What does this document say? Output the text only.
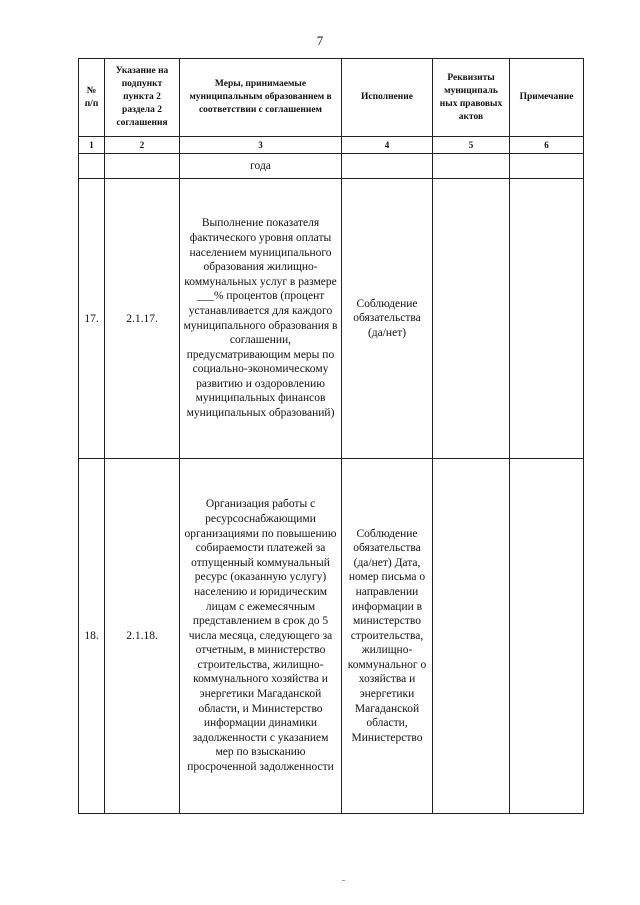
7
№ п/п	Указание на подпункт пункта 2 раздела 2 соглашения	Меры, принимаемые муниципальным образованием в соответствии с соглашением	Исполнение	Реквизиты муниципаль ных правовых актов	Примечание
1	2	3	4	5	6
		года			
17.	2.1.17.	Выполнение показателя фактического уровня оплаты населением муниципального образования жилищно-коммунальных услуг в размере ___% процентов (процент устанавливается для каждого муниципального образования в соглашении, предусматривающим меры по социально-экономическому развитию и оздоровлению муниципальных финансов муниципальных образований)	Соблюдение обязательства (да/нет)		
18.	2.1.18.	Организация работы с ресурсоснабжающими организациями по повышению собираемости платежей за отпущенный коммунальный ресурс (оказанную услугу) населению и юридическим лицам с ежемесячным представлением в срок до 5 числа месяца, следующего за отчетным, в министерство строительства, жилищно-коммунального хозяйства и энергетики Магаданской области, и Министерство информации динамики задолженности с указанием мер по взысканию просроченной задолженности	Соблюдение обязательства (да/нет) Дата, номер письма о направлении информации в министерство строительства, жилищно-коммунальног о хозяйства и энергетики Магаданской области, Министерство		
